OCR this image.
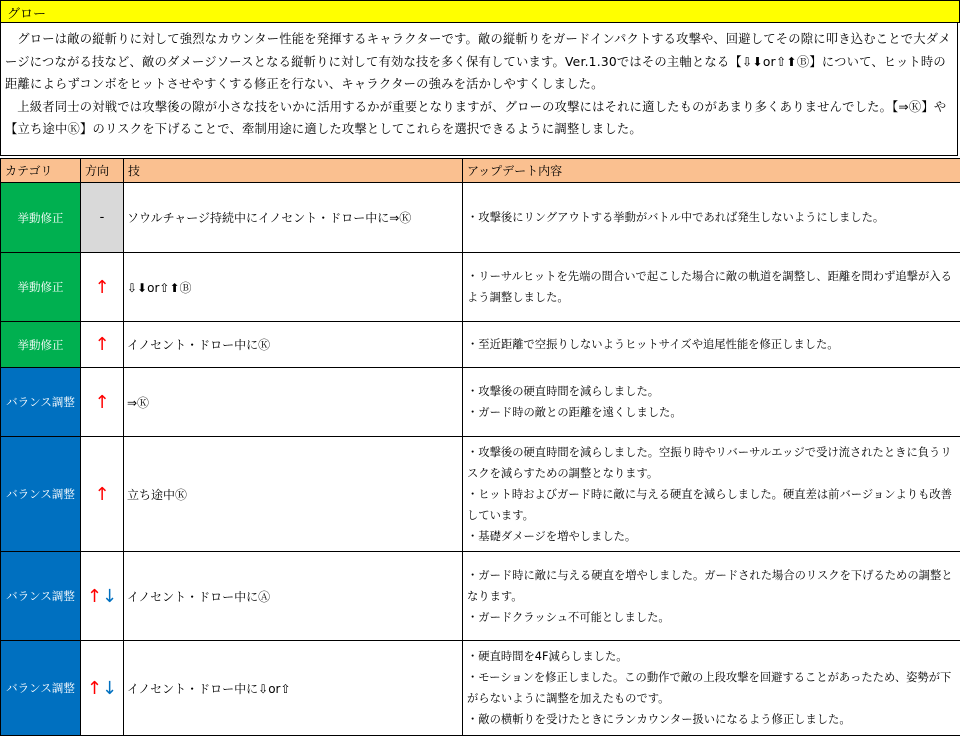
グロー

グローは敵の縦斬りに対して強烈なカウンター性能を発揮するキャラクターです。敵の縦斬りをガードインパクトする攻撃や、回避してその隙に叩き込むことで大ダメージにつながる技など、敵のダメージソースとなる縦斬りに対して有効な技を多く保有しています。Ver.1.30ではその主軸となる【⇩⬇or⇧⬆Ⓑ】について、ヒット時の距離によらずコンボをヒットさせやすくする修正を行ない、キャラクターの強みを活かしやすくしました。

上級者同士の対戦では攻撃後の隙が小さな技をいかに活用するかが重要となりますが、グローの攻撃にはそれに適したものがあまり多くありませんでした。【⇒Ⓚ】や【立ち途中Ⓚ】のリスクを下げることで、牽制用途に適した攻撃としてこれらを選択できるように調整しました。

カテゴリ	方向	技	アップデート内容
挙動修正	-	ソウルチャージ持続中にイノセント・ドロー中に⇒Ⓚ	・攻撃後にリングアウトする挙動がバトル中であれば発生しないようにしました。

挙動修正	↑	⇩⬇or⇧⬆Ⓑ	・リーサルヒットを先端の間合いで起こした場合に敵の軌道を調整し、距離を問わず追撃が入るよう調整しました。

挙動修正	↑	イノセント・ドロー中にⓀ	・至近距離で空振りしないようヒットサイズや追尾性能を修正しました。

バランス調整	↑	⇒Ⓚ	・攻撃後の硬直時間を減らしました。
・ガード時の敵との距離を遠くしました。

バランス調整	↑	立ち途中Ⓚ	・攻撃後の硬直時間を減らしました。空振り時やリバーサルエッジで受け流されたときに負うリスクを減らすための調整となります。
・ヒット時およびガード時に敵に与える硬直を減らしました。硬直差は前バージョンよりも改善しています。
・基礎ダメージを増やしました。

バランス調整	↑↓	イノセント・ドロー中にⒶ	・ガード時に敵に与える硬直を増やしました。ガードされた場合のリスクを下げるための調整となります。
・ガードクラッシュ不可能としました。

バランス調整	↑↓	イノセント・ドロー中に⇩or⇧	・硬直時間を4F減らしました。
・モーションを修正しました。この動作で敵の上段攻撃を回避することがあったため、姿勢が下がらないように調整を加えたものです。
・敵の横斬りを受けたときにランカウンター扱いになるよう修正しました。
